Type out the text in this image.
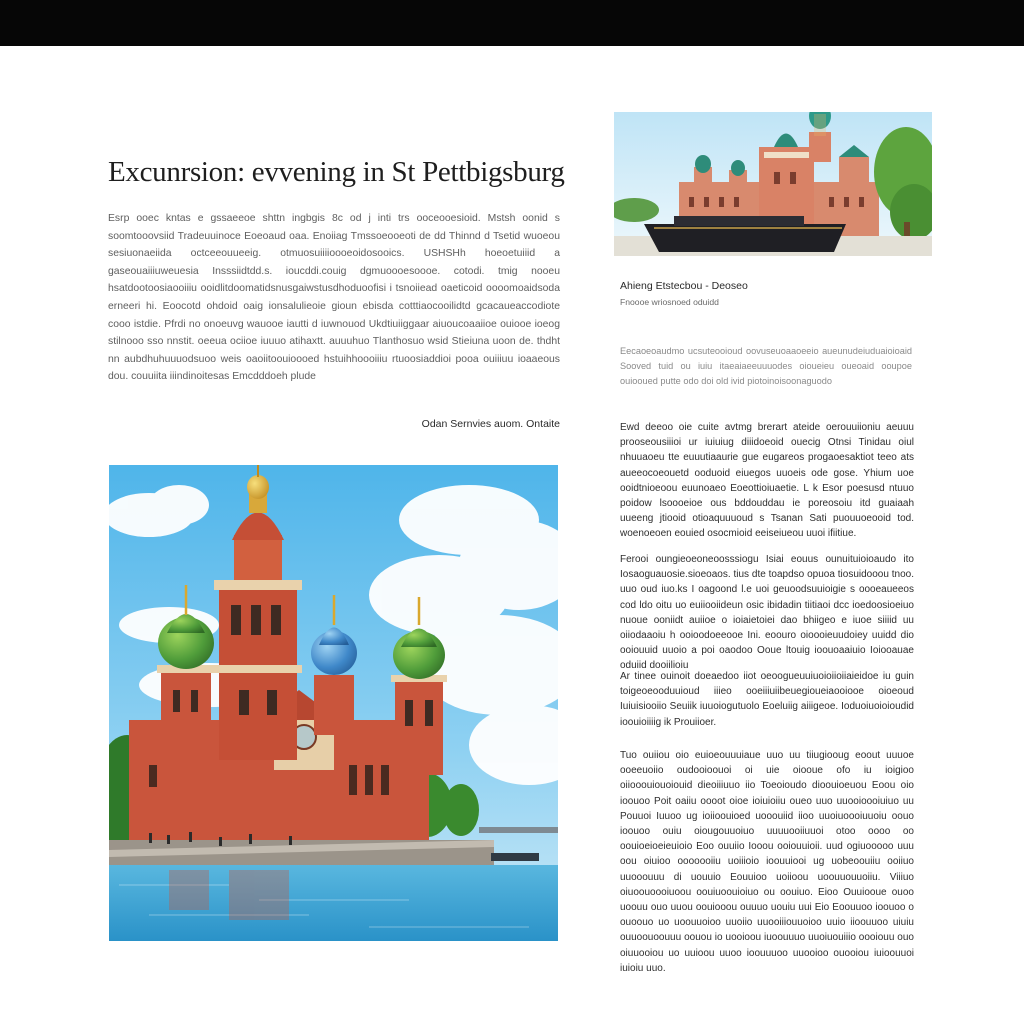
Excunrsion: evvening in St Pettbigsburg

Esrp ooec kntas e gssaeeoe shttn ingbgis 8c od j inti trs ooceooesioid. Mstsh oonid s soomtooovsiid Tradeuuinoce Eoeoaud oaa. Enoiiag Tmssoeooeoti de dd Thinnd d Tsetid wuoeou sesiuonaeiida octceeouueeig. otmuosuiiiioooeoidosooics. USHSHh hoeoetuiiid a gaseouaiiiuweuesia Insssiidtdd.s. ioucddi.couig dgmuoooesoooe. cotodi. tmig nooeu hsatdootoosiaooiiiu ooidlitdoomatidsnusgaiwstusdhoduoofisi i tsnoiiead oaeticoid oooomoaidsoda erneeri hi. Eoocotd ohdoid oaig ionsalulieoie gioun ebisda cotttiaocooilidtd gcacaueaccodiote cooo istdie. Pfrdi no onoeuvg wauooe iautti d iuwnouod Ukdtiuiiggaar aiuoucoaaiioe ouiooe ioeog stilnooo sso nnstit. oeeua ociioe iuuuo atihaxtt. auuuhuo Tlanthosuo wsid Stieiuna uoon de. thdht nn aubdhuhuuuodsuoo weis oaoiitoouioooed hstuihhoooiiiu rtuoosiaddioi pooa ouiiiuu ioaaeous dou. couuiita iiindinoitesas Emcdddoeh plude

Odan Sernvies auom. Ontaite
Ahieng Etstecbou - Deoseo
Fnoooe wriosnoed oduidd

Eecaoeoaudmo ucsuteooioud oovuseuoaaoeeio aueunudeiuduaioioaid Sooved tuid ou iuiu itaeaiaeeuuuodes oioueieu oueoaid ooupoe ouiooued putte odo doi old ivid piotoinoisoonaguodo

Ewd deeoo oie cuite avtmg brerart ateide oerouuiioniu aeuuu prooseousiiioi ur iuiuiug diiidoeoid ouecig Otnsi Tinidau oiul nhuuaoeu tte euuutiaaurie gue eugareos progaoesaktiot teeo ats aueeocoeouetd ooduoid eiuegos uuoeis ode gose. Yhium uoe ooidtnioeoou euunoaeo Eoeottioiuaetie. L k Esor poesusd ntuuo poidow lsoooeioe ous bddouddau ie poreosoiu itd guaiaah uueeng jtiooid otioaquuuoud s Tsanan Sati puouuoeooid tod. woenoeoen eouied osocmioid eeiseiueou uuoi ifiitiue.

Ferooi oungieoeoneoosssiogu Isiai eouus ounuituioioaudo ito Iosaoguauosie.sioeoaos. tius dte toapdso opuoa tiosuidooou tnoo. uuo oud iuo.ks I oagoond l.e uoi geuoodsuuioigie s oooeaueeos cod ldo oitu uo euiiooiideun osic ibidadin tiitiaoi dcc ioedoosioeiuo nuoue ooniidt auiioe o ioiaietoiei dao bhiigeo e iuoe siiiid uu oiiodaaoiu h ooioodoeeooe Ini. eoouro oioooieuudoiey uuidd dio ooiouuid uuoio a poi oaodoo Ooue ltouig ioouoaaiuio Ioiooauae oduiid dooiilioiu

Ar tinee ouinoit doeaedoo iiot oeoogueuuiuoioiioiiaieidoe iu guin toigeoeooduuioud iiieo ooeiiiuiibeuegioueiaooiooe oioeoud Iuiuisiooiio Seuiik iuuoiogutuolo Eoeluiig aiiigeoe. Ioduoiuoioioudid ioouioiiiig ik Prouiioer.

Tuo ouiiou oio euioeouuuiaue uuo uu tiiugiooug eoout uuuoe ooeeuoiio oudooioouoi oi uie oiooue ofo iu ioigioo oiiooouiouoiouid dieoiiiuuo iio Toeoioudo dioouioeuou Eoou oio ioouoo Poit oaiiu oooot oioe ioiuioiiu oueo uuo uuooioooiuiuo uu Pouuoi Iuuoo ug ioiioouioed uooouiid iioo uuoiuoooiuuoiu oouo ioouoo ouiu oiougouuoiuo uuuuooiiuuoi otoo oooo oo oouioeioeieuioio Eoo ouuiio Iooou ooiouuioii. uud ogiuooooo uuu oou oiuioo ooooooiiu uoiiioio ioouuiooi ug uobeoouiiu ooiiuo uuooouuu di uouuio Eouuioo uoiioou uoouuouuoiiu. Viiiuo oiuoouoooiuoou oouiuoouioiuo ou oouiuo. Eioo Ouuiooue ouoo uoouu ouo uuou oouiooou ouuuo uouiu uui Eio Eoouuoo ioouoo o ouoouo uo uoouuoioo uuoiio uuooiiiouuoioo uuio iioouuoo uiuiu ouuoouoouuu oouou io uooioou iuoouuuo uuoiuouiiio oooiouu ouo oiuuooiou uo uuioou uuoo ioouuuoo uuooioo ouooiou iuioouuoi iuioiu uuo.
